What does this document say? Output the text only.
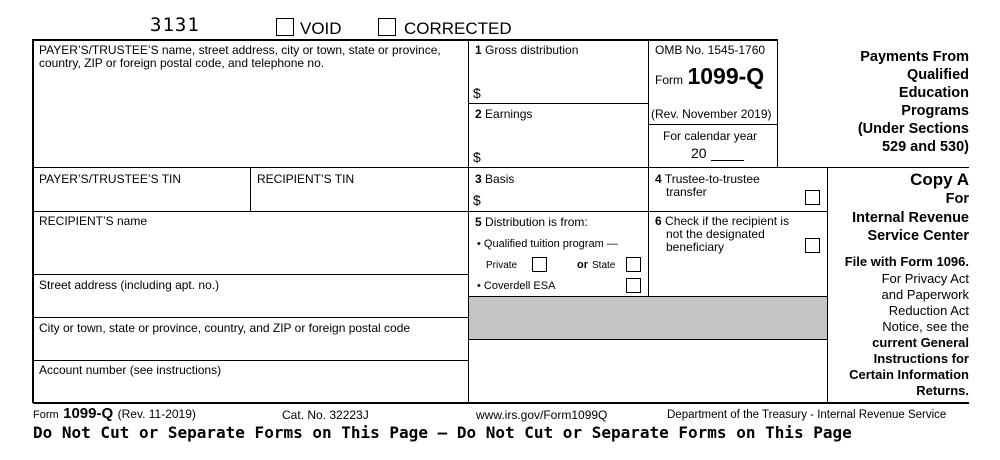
3131	VOID	CORRECTED
PAYER’S/TRUSTEE’S name, street address, city or town, state or province, country, ZIP or foreign postal code, and telephone no.
PAYER’S/TRUSTEE’S TIN	RECIPIENT’S TIN
RECIPIENT’S name
Street address (including apt. no.)
City or town, state or province, country, and ZIP or foreign postal code
Account number (see instructions)
1 Gross distribution
$
2 Earnings
$
OMB No. 1545-1760
Form 1099-Q
(Rev. November 2019)
For calendar year
20
Payments From
Qualified
Education
Programs
(Under Sections
529 and 530)
3 Basis
$
4 Trustee-to-trustee
transfer
5 Distribution is from:
• Qualified tuition program —
Private	or State
• Coverdell ESA
6 Check if the recipient is
not the designated
beneficiary
Copy A
For
Internal Revenue
Service Center
File with Form 1096.
For Privacy Act
and Paperwork
Reduction Act
Notice, see the
current General
Instructions for
Certain Information
Returns.
Form 1099-Q (Rev. 11-2019)	Cat. No. 32223J	www.irs.gov/Form1099Q	Department of the Treasury - Internal Revenue Service
Do Not Cut or Separate Forms on This Page — Do Not Cut or Separate Forms on This Page
